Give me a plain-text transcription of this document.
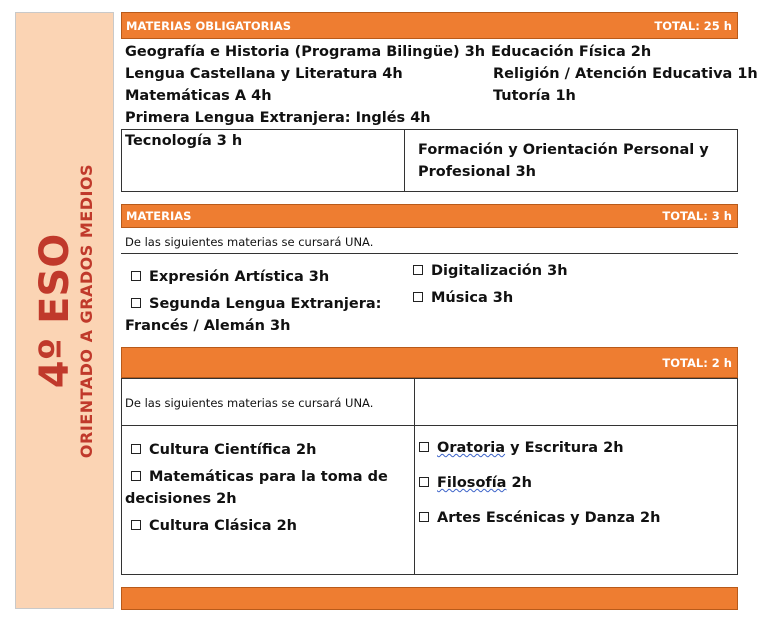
4º ESO ORIENTADO A GRADOS MEDIOS
MATERIAS OBLIGATORIAS	TOTAL: 25 h
Geografía e Historia (Programa Bilingüe) 3h
Lengua Castellana y Literatura 4h
Matemáticas A 4h
Primera Lengua Extranjera: Inglés 4h
Educación Física 2h
Religión / Atención Educativa 1h
Tutoría 1h
Tecnología 3 h
Formación y Orientación Personal y
Profesional 3h
MATERIAS	TOTAL: 3 h
De las siguientes materias se cursará UNA.
Expresión Artística 3h
Segunda Lengua Extranjera:
Francés / Alemán 3h
Digitalización 3h
Música 3h
TOTAL: 2 h
De las siguientes materias se cursará UNA.
Cultura Científica 2h
Matemáticas para la toma de
decisiones 2h
Cultura Clásica 2h
Oratoria y Escritura 2h
Filosofía 2h
Artes Escénicas y Danza 2h
